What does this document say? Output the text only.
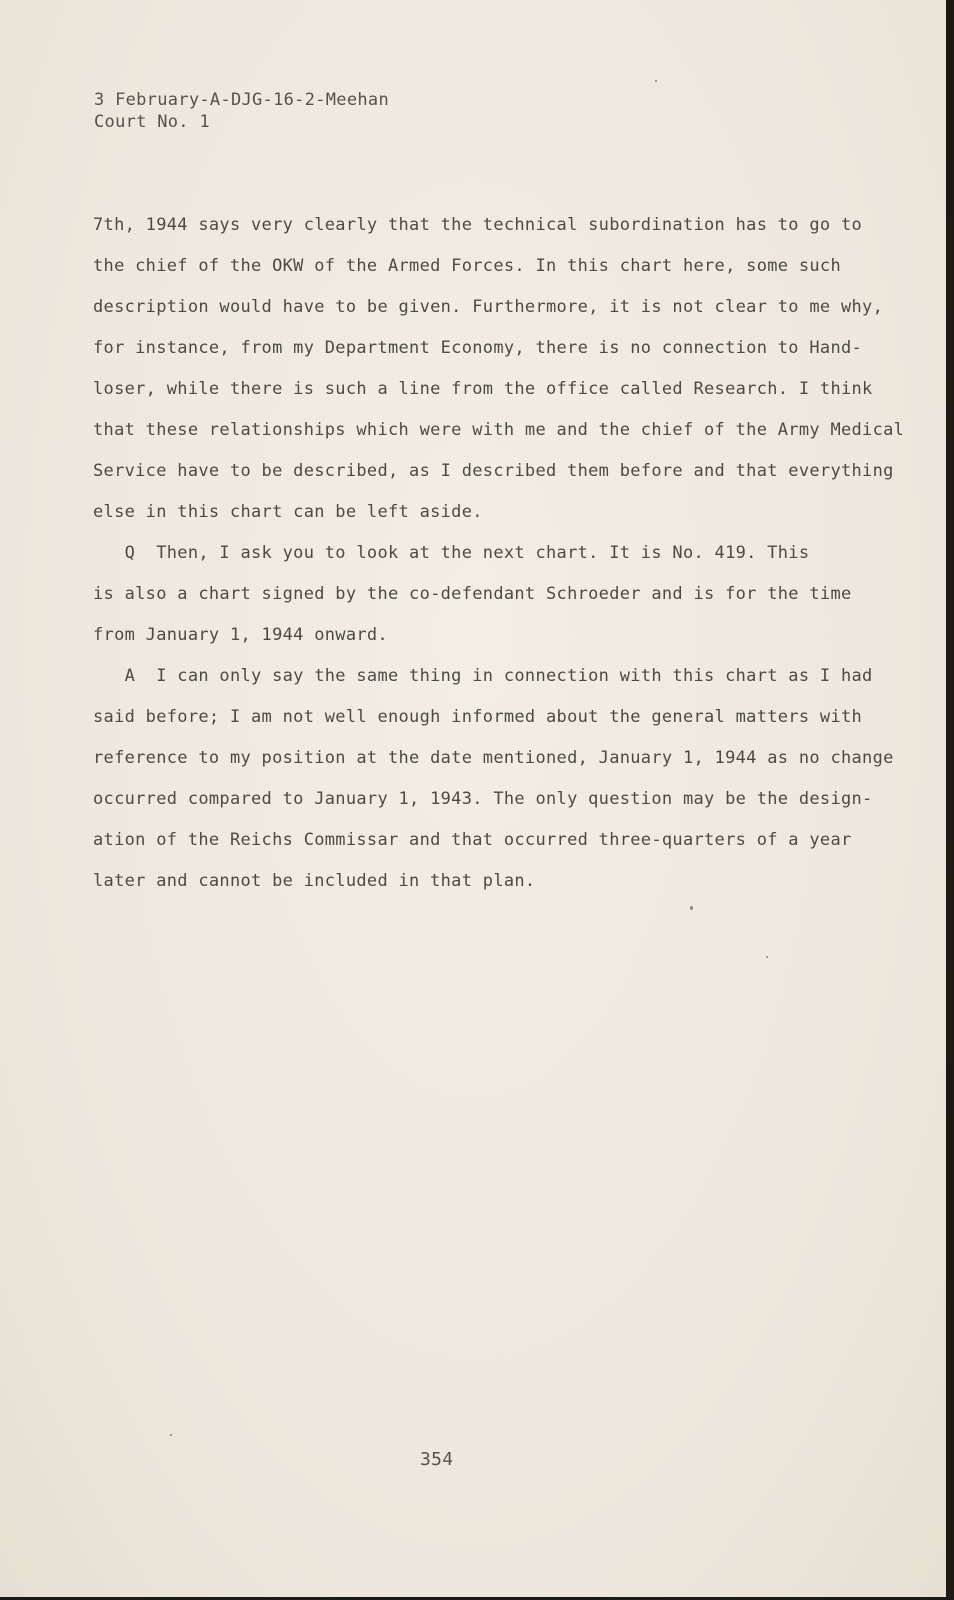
3 February-A-DJG-16-2-Meehan
Court No. 1
7th, 1944 says very clearly that the technical subordination has to go to
the chief of the OKW of the Armed Forces. In this chart here, some such
description would have to be given. Furthermore, it is not clear to me why,
for instance, from my Department Economy, there is no connection to Hand-
loser, while there is such a line from the office called Research. I think
that these relationships which were with me and the chief of the Army Medical
Service have to be described, as I described them before and that everything
else in this chart can be left aside.
Q  Then, I ask you to look at the next chart. It is No. 419. This
is also a chart signed by the co-defendant Schroeder and is for the time
from January 1, 1944 onward.
A  I can only say the same thing in connection with this chart as I had
said before; I am not well enough informed about the general matters with
reference to my position at the date mentioned, January 1, 1944 as no change
occurred compared to January 1, 1943. The only question may be the design-
ation of the Reichs Commissar and that occurred three-quarters of a year
later and cannot be included in that plan.
354
